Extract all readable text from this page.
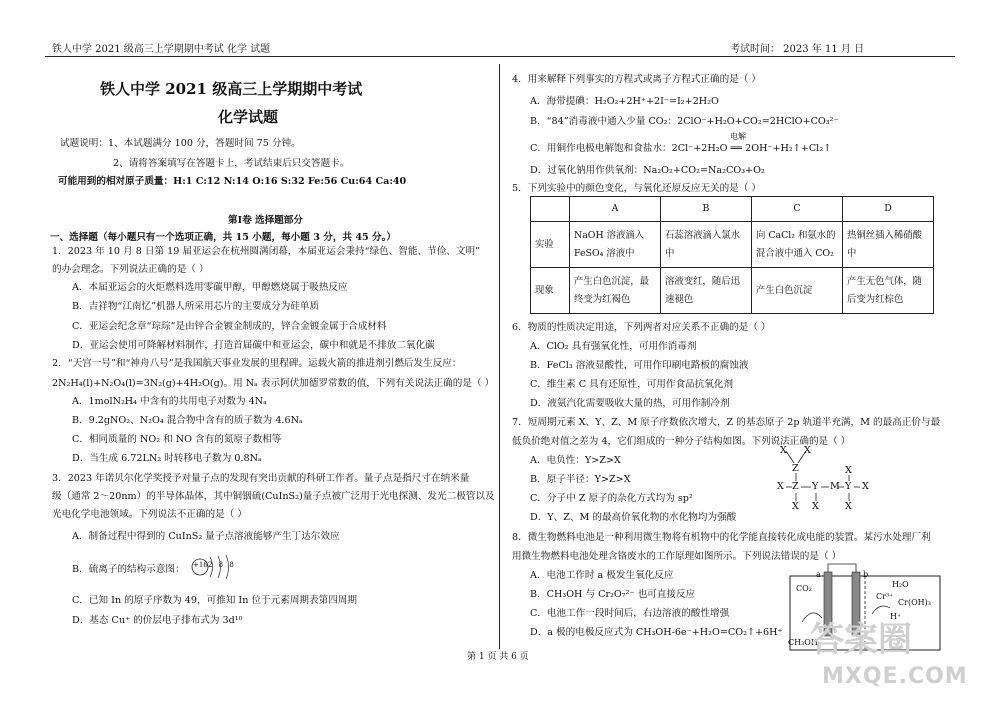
铁人中学 2021 级高三上学期期中考试 化学 试题	考试时间： 2023 年 11 月 日
铁人中学 2021 级高三上学期期中考试
化学试题
试题说明：1、本试题满分 100 分，答题时间 75 分钟。
2、请将答案填写在答题卡上，考试结束后只交答题卡。
可能用到的相对原子质量：H:1 C:12 N:14 O:16 S:32 Fe:56 Cu:64 Ca:40
第Ⅰ卷 选择题部分
一、选择题（每小题只有一个选项正确，共 15 小题，每小题 3 分，共 45 分。）
1．2023 年 10 月 8 日第 19 届亚运会在杭州圆满闭幕，本届亚运会秉持“绿色、智能、节俭、文明”
的办会理念。下列说法正确的是（ ）
A．本届亚运会的火炬燃料选用零碳甲醇，甲醇燃烧属于吸热反应
B．吉祥物“江南忆”机器人所采用芯片的主要成分为硅单质
C．亚运会纪念章“琮琮”是由锌合金镀金制成的，锌合金镀金属于合成材料
D．亚运会使用可降解材料制作，打造首届碳中和亚运会，碳中和就是不排放二氧化碳
2．“天宫一号”和“神舟八号”是我国航天事业发展的里程碑。运载火箭的推进剂引燃后发生反应：
2N₂H₄(l)+N₂O₄(l)=3N₂(g)+4H₂O(g)。用 Nₐ 表示阿伏加德罗常数的值，下列有关说法正确的是（ ）
A．1molN₂H₄ 中含有的共用电子对数为 4Nₐ
B．9.2gNO₂、N₂O₄ 混合物中含有的质子数为 4.6Nₐ
C．相同质量的 NO₂ 和 NO 含有的氮原子数相等
D．当生成 6.72LN₂ 时转移电子数为 0.8Nₐ
3．2023 年诺贝尔化学奖授予对量子点的发现有突出贡献的科研工作者。量子点是指尺寸在纳米量
级（通常 2～20nm）的半导体晶体，其中铜铟硫(CuInS₂)量子点被广泛用于光电探测、发光二极管以及
光电化学电池领域。下列说法不正确的是（ ）
A．制备过程中得到的 CuInS₂ 量子点溶液能够产生丁达尔效应
B．硫离子的结构示意图： +16 2 8 8
C．已知 In 的原子序数为 49，可推知 In 位于元素周期表第四周期
D．基态 Cu⁺ 的价层电子排布式为 3d¹⁰
4．用来解释下列事实的方程式或离子方程式正确的是（ ）
A．海带提碘：H₂O₂+2H⁺+2I⁻=I₂+2H₂O
B．“84”消毒液中通入少量 CO₂：2ClO⁻+H₂O+CO₂=2HClO+CO₃²⁻
C．用铜作电极电解饱和食盐水：2Cl⁻+2H₂O ══ 2OH⁻+H₂↑+Cl₂↑
电解
D．过氧化钠用作供氧剂：Na₂O₂+CO₂=Na₂CO₃+O₂
5．下列实验中的颜色变化，与氧化还原反应无关的是（ ）
	A	B	C	D
实验	NaOH 溶液滴入 FeSO₄ 溶液中	石蕊溶液滴入氯水中	向 CaCl₂ 和氨水的混合液中通入 CO₂	热铜丝插入稀硝酸中
现象	产生白色沉淀，最终变为红褐色	溶液变红，随后迅速褪色	产生白色沉淀	产生无色气体，随后变为红棕色
6．物质的性质决定用途，下列两者对应关系不正确的是（ ）
A．ClO₂ 具有强氧化性，可用作消毒剂
B．FeCl₃ 溶液显酸性，可用作印刷电路板的腐蚀液
C．维生素 C 具有还原性，可用作食品抗氧化剂
D．液氨汽化需要吸收大量的热，可用作制冷剂
7．短周期元素 X、Y、Z、M 原子序数依次增大，Z 的基态原子 2p 轨道半充满，M 的最高正价与最
低负价绝对值之差为 4，它们组成的一种分子结构如图。下列说法正确的是（ ）
A．电负性：Y>Z>X
B．原子半径：Y>Z>X
C．分子中 Z 原子的杂化方式均为 sp²
D．Y、Z、M 的最高价氧化物的水化物均为强酸
X X
Z
X Z Y M Y X
X
X X	X
8．微生物燃料电池是一种利用微生物将有机物中的化学能直接转化成电能的装置。某污水处理厂利
用微生物燃料电池处理含铬废水的工作原理如图所示。下列说法错误的是（ ）
A．电池工作时 a 极发生氧化反应
B．CH₃OH 与 Cr₂O₇²⁻ 也可直接反应
C．电池工作一段时间后，右边溶液的酸性增强
D．a 极的电极反应式为 CH₃OH-6e⁻+H₂O=CO₂↑+6H⁺
a	b
CO₂
CH₃OH
H₂O
Cr³⁺
Cr(OH)₃
H⁺
第 1 页 共 6 页	答案圈
MXQE.COM
